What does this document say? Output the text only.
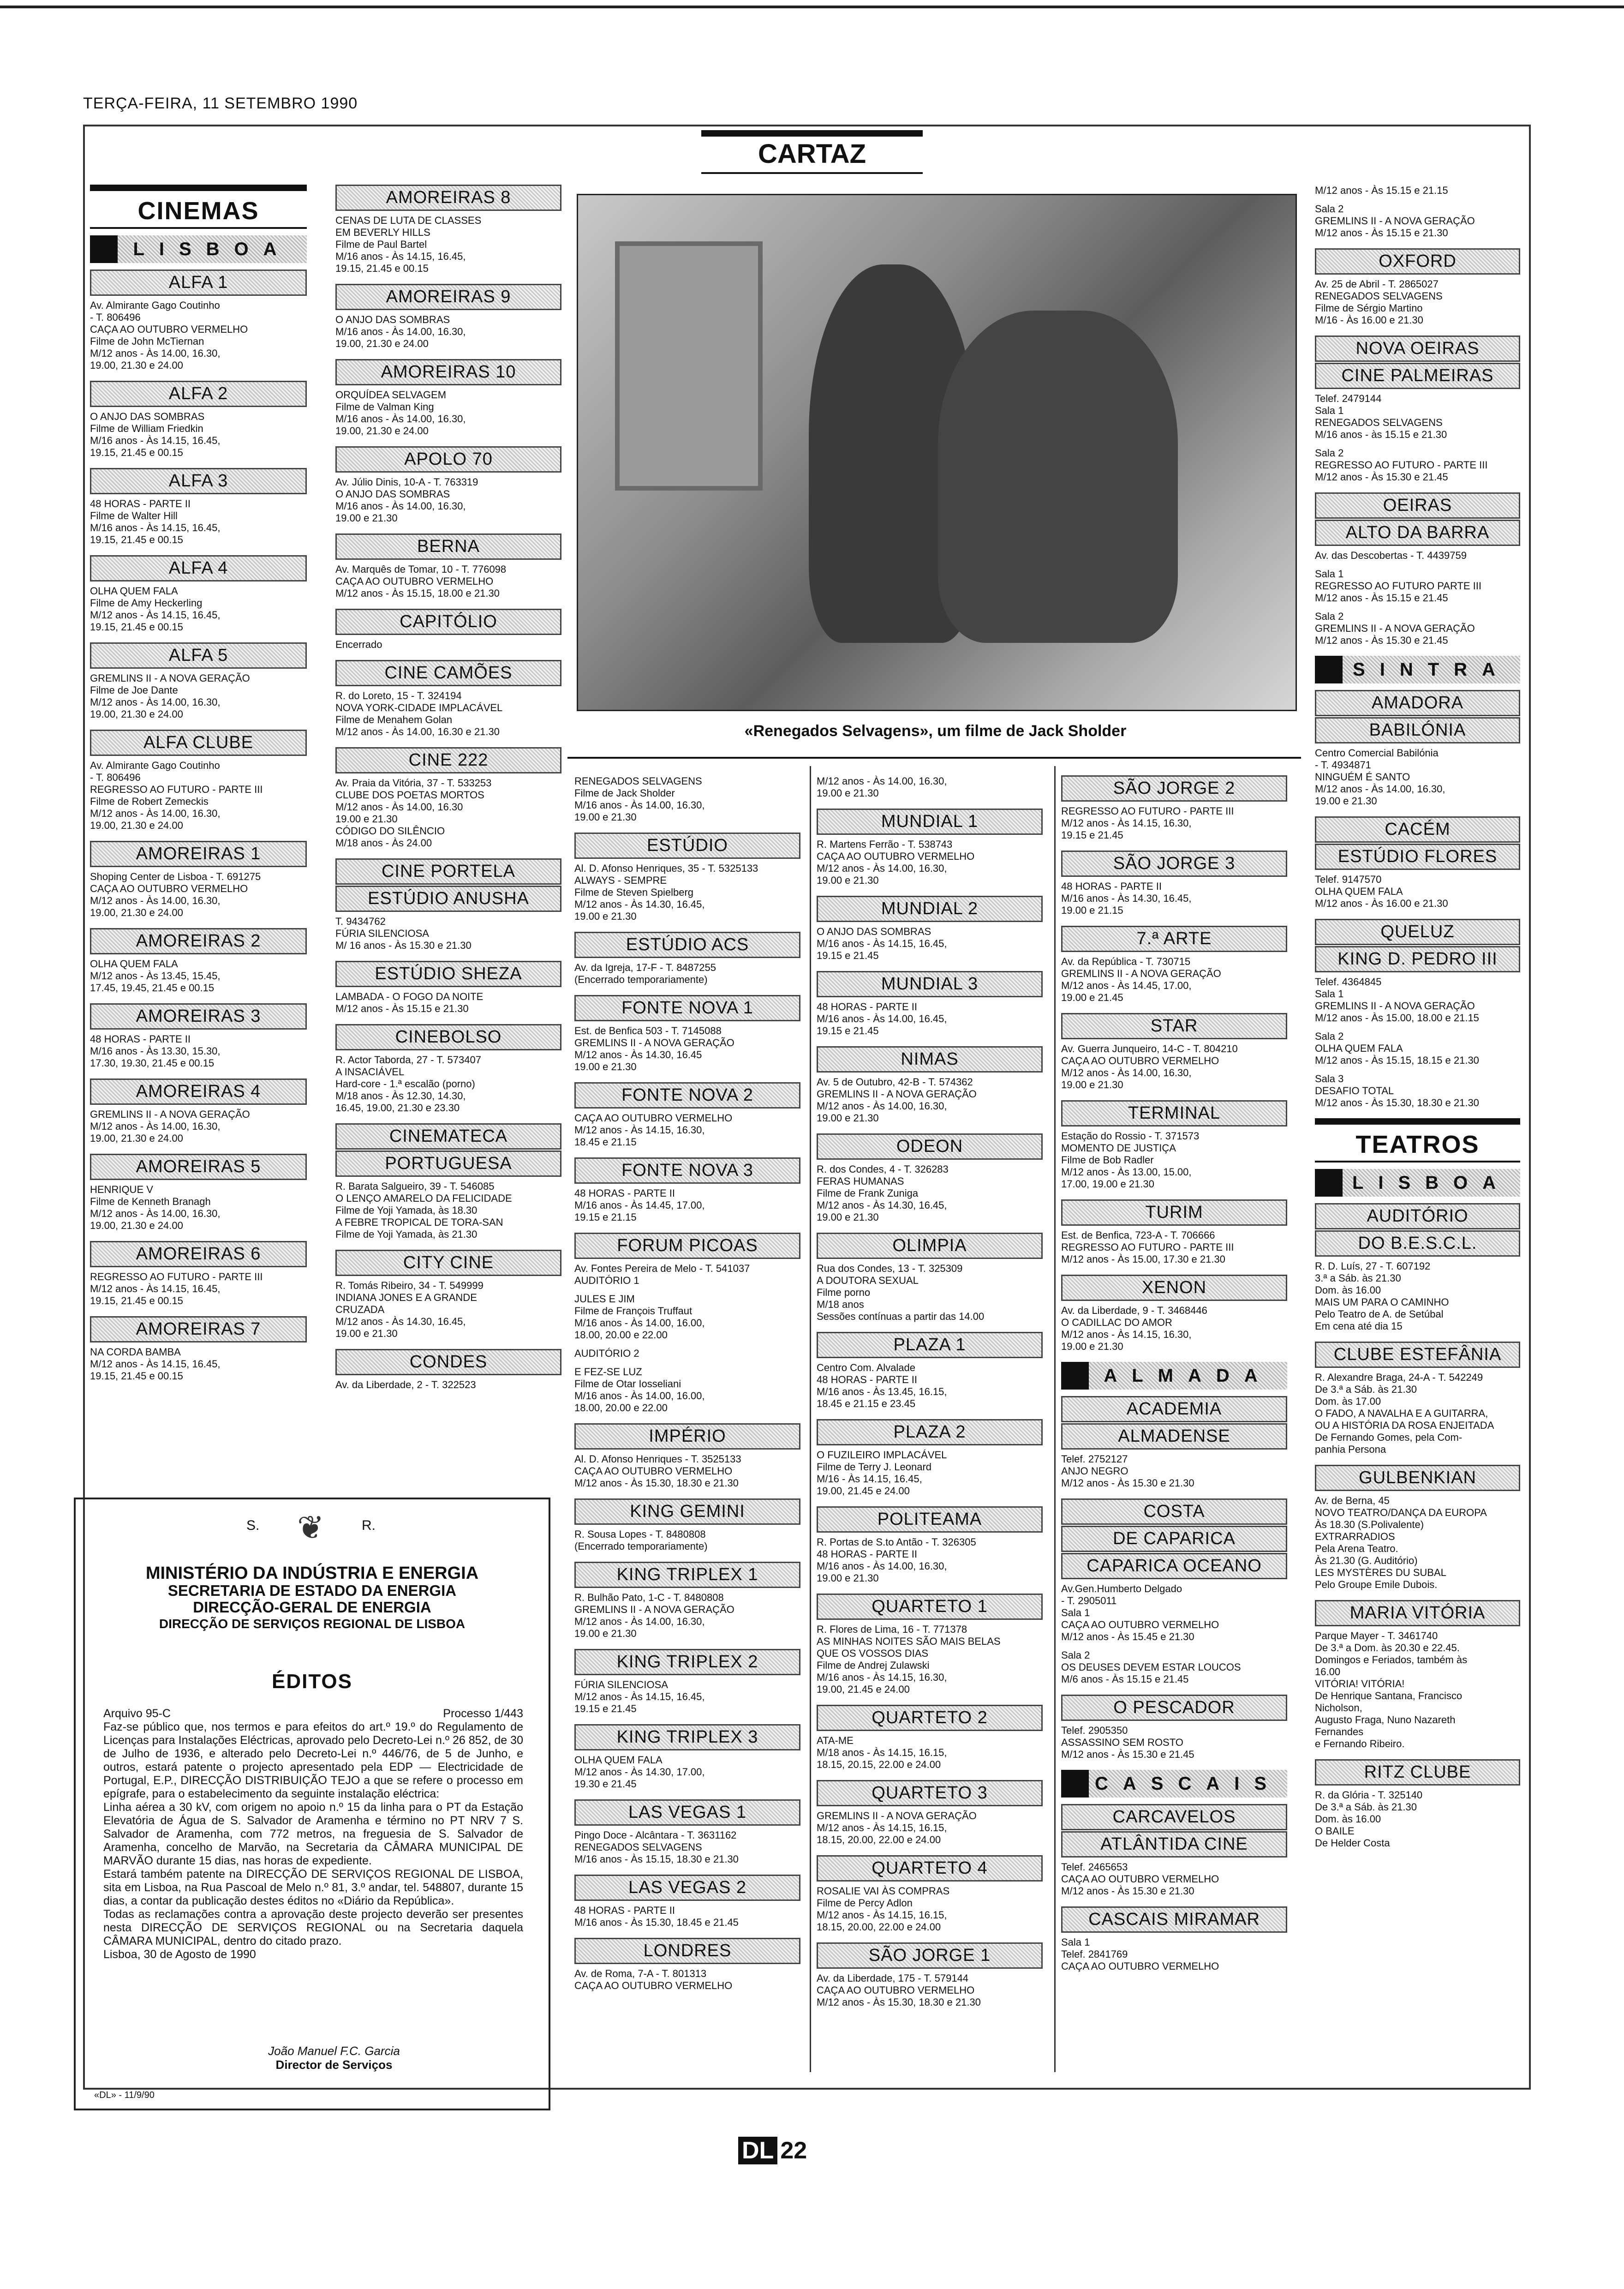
TERÇA-FEIRA, 11 SETEMBRO 1990
CARTAZ
CINEMAS
LISBOA
ALFA 1
Av. Almirante Gago Coutinho
- T. 806496
CAÇA AO OUTUBRO VERMELHO
Filme de John McTiernan
M/12 anos - Às 14.00, 16.30,
19.00, 21.30 e 24.00
ALFA 2
O ANJO DAS SOMBRAS
Filme de William Friedkin
M/16 anos - Às 14.15, 16.45,
19.15, 21.45 e 00.15
ALFA 3
48 HORAS - PARTE II
Filme de Walter Hill
M/16 anos - Às 14.15, 16.45,
19.15, 21.45 e 00.15
ALFA 4
OLHA QUEM FALA
Filme de Amy Heckerling
M/12 anos - Às 14.15, 16.45,
19.15, 21.45 e 00.15
ALFA 5
GREMLINS II - A NOVA GERAÇÃO
Filme de Joe Dante
M/12 anos - Às 14.00, 16.30,
19.00, 21.30 e 24.00
ALFA CLUBE
Av. Almirante Gago Coutinho
- T. 806496
REGRESSO AO FUTURO - PARTE III
Filme de Robert Zemeckis
M/12 anos - Às 14.00, 16.30,
19.00, 21.30 e 24.00
AMOREIRAS 1
Shoping Center de Lisboa - T. 691275
CAÇA AO OUTUBRO VERMELHO
M/12 anos - Às 14.00, 16.30,
19.00, 21.30 e 24.00
AMOREIRAS 2
OLHA QUEM FALA
M/12 anos - Às 13.45, 15.45,
17.45, 19.45, 21.45 e 00.15
AMOREIRAS 3
48 HORAS - PARTE II
M/16 anos - Às 13.30, 15.30,
17.30, 19.30, 21.45 e 00.15
AMOREIRAS 4
GREMLINS II - A NOVA GERAÇÃO
M/12 anos - Às 14.00, 16.30,
19.00, 21.30 e 24.00
AMOREIRAS 5
HENRIQUE V
Filme de Kenneth Branagh
M/12 anos - Às 14.00, 16.30,
19.00, 21.30 e 24.00
AMOREIRAS 6
REGRESSO AO FUTURO - PARTE III
M/12 anos - Às 14.15, 16.45,
19.15, 21.45 e 00.15
AMOREIRAS 7
NA CORDA BAMBA
M/12 anos - Às 14.15, 16.45,
19.15, 21.45 e 00.15
AMOREIRAS 8
CENAS DE LUTA DE CLASSES
EM BEVERLY HILLS
Filme de Paul Bartel
M/16 anos - Às 14.15, 16.45,
19.15, 21.45 e 00.15
AMOREIRAS 9
O ANJO DAS SOMBRAS
M/16 anos - Às 14.00, 16.30,
19.00, 21.30 e 24.00
AMOREIRAS 10
ORQUÍDEA SELVAGEM
Filme de Valman King
M/16 anos - Às 14.00, 16.30,
19.00, 21.30 e 24.00
APOLO 70
Av. Júlio Dinis, 10-A - T. 763319
O ANJO DAS SOMBRAS
M/16 anos - Às 14.00, 16.30,
19.00 e 21.30
BERNA
Av. Marquês de Tomar, 10 - T. 776098
CAÇA AO OUTUBRO VERMELHO
M/12 anos - Às 15.15, 18.00 e 21.30
CAPITÓLIO
Encerrado
CINE CAMÕES
R. do Loreto, 15 - T. 324194
NOVA YORK-CIDADE IMPLACÁVEL
Filme de Menahem Golan
M/12 anos - Às 14.00, 16.30 e 21.30
CINE 222
Av. Praia da Vitória, 37 - T. 533253
CLUBE DOS POETAS MORTOS
M/12 anos - Às 14.00, 16.30
19.00 e 21.30
CÓDIGO DO SILÊNCIO
M/18 anos - Às 24.00
CINE PORTELA
ESTÚDIO ANUSHA
T. 9434762
FÚRIA SILENCIOSA
M/ 16 anos - Às 15.30 e 21.30
ESTÚDIO SHEZA
LAMBADA - O FOGO DA NOITE
M/12 anos - Às 15.15 e 21.30
CINEBOLSO
R. Actor Taborda, 27 - T. 573407
A INSACIÁVEL
Hard-core - 1.ª escalão (porno)
M/18 anos - Às 12.30, 14.30,
16.45, 19.00, 21.30 e 23.30
CINEMATECA
PORTUGUESA
R. Barata Salgueiro, 39 - T. 546085
O LENÇO AMARELO DA FELICIDADE
Filme de Yoji Yamada, às 18.30
A FEBRE TROPICAL DE TORA-SAN
Filme de Yoji Yamada, às 21.30
CITY CINE
R. Tomás Ribeiro, 34 - T. 549999
INDIANA JONES E A GRANDE
CRUZADA
M/12 anos - Às 14.30, 16.45,
19.00 e 21.30
CONDES
Av. da Liberdade, 2 - T. 322523
«Renegados Selvagens», um filme de Jack Sholder
RENEGADOS SELVAGENS
Filme de Jack Sholder
M/16 anos - Às 14.00, 16.30,
19.00 e 21.30
ESTÚDIO
Al. D. Afonso Henriques, 35 - T. 5325133
ALWAYS - SEMPRE
Filme de Steven Spielberg
M/12 anos - Às 14.30, 16.45,
19.00 e 21.30
ESTÚDIO ACS
Av. da Igreja, 17-F - T. 8487255
(Encerrado temporariamente)
FONTE NOVA 1
Est. de Benfica 503 - T. 7145088
GREMLINS II - A NOVA GERAÇÃO
M/12 anos - Às 14.30, 16.45
19.00 e 21.30
FONTE NOVA 2
CAÇA AO OUTUBRO VERMELHO
M/12 anos - Às 14.15, 16.30,
18.45 e 21.15
FONTE NOVA 3
48 HORAS - PARTE II
M/16 anos - Às 14.45, 17.00,
19.15 e 21.15
FORUM PICOAS
Av. Fontes Pereira de Melo - T. 541037
AUDITÓRIO 1
JULES E JIM
Filme de François Truffaut
M/16 anos - Às 14.00, 16.00,
18.00, 20.00 e 22.00
AUDITÓRIO 2
E FEZ-SE LUZ
Filme de Otar Iosseliani
M/16 anos - Às 14.00, 16.00,
18.00, 20.00 e 22.00
IMPÉRIO
Al. D. Afonso Henriques - T. 3525133
CAÇA AO OUTUBRO VERMELHO
M/12 anos - Às 15.30, 18.30 e 21.30
KING GEMINI
R. Sousa Lopes - T. 8480808
(Encerrado temporariamente)
KING TRIPLEX 1
R. Bulhão Pato, 1-C - T. 8480808
GREMLINS II - A NOVA GERAÇÃO
M/12 anos - Às 14.00, 16.30,
19.00 e 21.30
KING TRIPLEX 2
FÚRIA SILENCIOSA
M/12 anos - Às 14.15, 16.45,
19.15 e 21.45
KING TRIPLEX 3
OLHA QUEM FALA
M/12 anos - Às 14.30, 17.00,
19.30 e 21.45
LAS VEGAS 1
Pingo Doce - Alcântara - T. 3631162
RENEGADOS SELVAGENS
M/16 anos - Às 15.15, 18.30 e 21.30
LAS VEGAS 2
48 HORAS - PARTE II
M/16 anos - Às 15.30, 18.45 e 21.45
LONDRES
Av. de Roma, 7-A - T. 801313
CAÇA AO OUTUBRO VERMELHO
M/12 anos - Às 14.00, 16.30,
19.00 e 21.30
MUNDIAL 1
R. Martens Ferrão - T. 538743
CAÇA AO OUTUBRO VERMELHO
M/12 anos - Às 14.00, 16.30,
19.00 e 21.30
MUNDIAL 2
O ANJO DAS SOMBRAS
M/16 anos - Às 14.15, 16.45,
19.15 e 21.45
MUNDIAL 3
48 HORAS - PARTE II
M/16 anos - Às 14.00, 16.45,
19.15 e 21.45
NIMAS
Av. 5 de Outubro, 42-B - T. 574362
GREMLINS II - A NOVA GERAÇÃO
M/12 anos - Às 14.00, 16.30,
19.00 e 21.30
ODEON
R. dos Condes, 4 - T. 326283
FERAS HUMANAS
Filme de Frank Zuniga
M/12 anos - Às 14.30, 16.45,
19.00 e 21.30
OLIMPIA
Rua dos Condes, 13 - T. 325309
A DOUTORA SEXUAL
Filme porno
M/18 anos
Sessões contínuas a partir das 14.00
PLAZA 1
Centro Com. Alvalade
48 HORAS - PARTE II
M/16 anos - Às 13.45, 16.15,
18.45 e 21.15 e 23.45
PLAZA 2
O FUZILEIRO IMPLACÁVEL
Filme de Terry J. Leonard
M/16 - Às 14.15, 16.45,
19.00, 21.45 e 24.00
POLITEAMA
R. Portas de S.to Antão - T. 326305
48 HORAS - PARTE II
M/16 anos - Às 14.00, 16.30,
19.00 e 21.30
QUARTETO 1
R. Flores de Lima, 16 - T. 771378
AS MINHAS NOITES SÃO MAIS BELAS
QUE OS VOSSOS DIAS
Filme de Andrej Zulawski
M/16 anos - Às 14.15, 16.30,
19.00, 21.45 e 24.00
QUARTETO 2
ATA-ME
M/18 anos - Às 14.15, 16.15,
18.15, 20.15, 22.00 e 24.00
QUARTETO 3
GREMLINS II - A NOVA GERAÇÃO
M/12 anos - Às 14.15, 16.15,
18.15, 20.00, 22.00 e 24.00
QUARTETO 4
ROSALIE VAI ÀS COMPRAS
Filme de Percy Adlon
M/12 anos - Às 14.15, 16.15,
18.15, 20.00, 22.00 e 24.00
SÃO JORGE 1
Av. da Liberdade, 175 - T. 579144
CAÇA AO OUTUBRO VERMELHO
M/12 anos - Às 15.30, 18.30 e 21.30
SÃO JORGE 2
REGRESSO AO FUTURO - PARTE III
M/12 anos - Às 14.15, 16.30,
19.15 e 21.45
SÃO JORGE 3
48 HORAS - PARTE II
M/16 anos - Às 14.30, 16.45,
19.00 e 21.15
7.ª ARTE
Av. da República - T. 730715
GREMLINS II - A NOVA GERAÇÃO
M/12 anos - Às 14.45, 17.00,
19.00 e 21.45
STAR
Av. Guerra Junqueiro, 14-C - T. 804210
CAÇA AO OUTUBRO VERMELHO
M/12 anos - Às 14.00, 16.30,
19.00 e 21.30
TERMINAL
Estação do Rossio - T. 371573
MOMENTO DE JUSTIÇA
Filme de Bob Radler
M/12 anos - Às 13.00, 15.00,
17.00, 19.00 e 21.30
TURIM
Est. de Benfica, 723-A - T. 706666
REGRESSO AO FUTURO - PARTE III
M/12 anos - Às 15.00, 17.30 e 21.30
XENON
Av. da Liberdade, 9 - T. 3468446
O CADILLAC DO AMOR
M/12 anos - Às 14.15, 16.30,
19.00 e 21.30
ALMADA
ACADEMIA
ALMADENSE
Telef. 2752127
ANJO NEGRO
M/12 anos - Às 15.30 e 21.30
COSTA
DE CAPARICA
CAPARICA OCEANO
Av.Gen.Humberto Delgado
- T. 2905011
Sala 1
CAÇA AO OUTUBRO VERMELHO
M/12 anos - Às 15.45 e 21.30
Sala 2
OS DEUSES DEVEM ESTAR LOUCOS
M/6 anos - Às 15.15 e 21.45
O PESCADOR
Telef. 2905350
ASSASSINO SEM ROSTO
M/12 anos - Às 15.30 e 21.45
CASCAIS
CARCAVELOS
ATLÂNTIDA CINE
Telef. 2465653
CAÇA AO OUTUBRO VERMELHO
M/12 anos - Às 15.30 e 21.30
CASCAIS MIRAMAR
Sala 1
Telef. 2841769
CAÇA AO OUTUBRO VERMELHO
M/12 anos - Às 15.15 e 21.15
Sala 2
GREMLINS II - A NOVA GERAÇÃO
M/12 anos - Às 15.15 e 21.30
OXFORD
Av. 25 de Abril - T. 2865027
RENEGADOS SELVAGENS
Filme de Sérgio Martino
M/16 - Às 16.00 e 21.30
NOVA OEIRAS
CINE PALMEIRAS
Telef. 2479144
Sala 1
RENEGADOS SELVAGENS
M/16 anos - às 15.15 e 21.30
Sala 2
REGRESSO AO FUTURO - PARTE III
M/12 anos - Às 15.30 e 21.45
OEIRAS
ALTO DA BARRA
Av. das Descobertas - T. 4439759
Sala 1
REGRESSO AO FUTURO PARTE III
M/12 anos - Às 15.15 e 21.45
Sala 2
GREMLINS II - A NOVA GERAÇÃO
M/12 anos - Às 15.30 e 21.45
SINTRA
AMADORA
BABILÓNIA
Centro Comercial Babilónia
- T. 4934871
NINGUÉM É SANTO
M/12 anos - Às 14.00, 16.30,
19.00 e 21.30
CACÉM
ESTÚDIO FLORES
Telef. 9147570
OLHA QUEM FALA
M/12 anos - Às 16.00 e 21.30
QUELUZ
KING D. PEDRO III
Telef. 4364845
Sala 1
GREMLINS II - A NOVA GERAÇÃO
M/12 anos - Às 15.00, 18.00 e 21.15
Sala 2
OLHA QUEM FALA
M/12 anos - Às 15.15, 18.15 e 21.30
Sala 3
DESAFIO TOTAL
M/12 anos - Às 15.30, 18.30 e 21.30
TEATROS
LISBOA
AUDITÓRIO
DO B.E.S.C.L.
R. D. Luís, 27 - T. 607192
3.ª a Sáb. às 21.30
Dom. às 16.00
MAIS UM PARA O CAMINHO
Pelo Teatro de A. de Setúbal
Em cena até dia 15
CLUBE ESTEFÂNIA
R. Alexandre Braga, 24-A - T. 542249
De 3.ª a Sáb. às 21.30
Dom. às 17.00
O FADO, A NAVALHA E A GUITARRA,
OU A HISTÓRIA DA ROSA ENJEITADA
De Fernando Gomes, pela Com-
panhia Persona
GULBENKIAN
Av. de Berna, 45
NOVO TEATRO/DANÇA DA EUROPA
Às 18.30 (S.Polivalente)
EXTRARRADIOS
Pela Arena Teatro.
Às 21.30 (G. Auditório)
LES MYSTÈRES DU SUBAL
Pelo Groupe Emile Dubois.
MARIA VITÓRIA
Parque Mayer - T. 3461740
De 3.ª a Dom. às 20.30 e 22.45.
Domingos e Feriados, também às
16.00
VITÓRIA! VITÓRIA!
De Henrique Santana, Francisco
Nicholson,
Augusto Fraga, Nuno Nazareth
Fernandes
e Fernando Ribeiro.
RITZ CLUBE
R. da Glória - T. 325140
De 3.ª a Sáb. às 21.30
Dom. às 16.00
O BAILE
De Helder Costa
S. ❦	R.
MINISTÉRIO DA INDÚSTRIA E ENERGIA
SECRETARIA DE ESTADO DA ENERGIA
DIRECÇÃO-GERAL DE ENERGIA
DIRECÇÃO DE SERVIÇOS REGIONAL DE LISBOA
ÉDITOS
Arquivo 95-C	Processo 1/443
Faz-se público que, nos termos e para efeitos do art.º 19.º do Regulamento de Licenças para Instalações Eléctricas, aprovado pelo Decreto-Lei n.º 26 852, de 30 de Julho de 1936, e alterado pelo Decreto-Lei n.º 446/76, de 5 de Junho, e outros, estará patente o projecto apresentado pela EDP — Electricidade de Portugal, E.P., DIRECÇÃO DISTRIBUIÇÃO TEJO a que se refere o processo em epígrafe, para o estabelecimento da seguinte instalação eléctrica:
Linha aérea a 30 kV, com origem no apoio n.º 15 da linha para o PT da Estação Elevatória de Água de S. Salvador de Aramenha e término no PT NRV 7 S. Salvador de Aramenha, com 772 metros, na freguesia de S. Salvador de Aramenha, concelho de Marvão, na Secretaria da CÂMARA MUNICIPAL DE MARVÃO durante 15 dias, nas horas de expediente.
Estará também patente na DIRECÇÃO DE SERVIÇOS REGIONAL DE LISBOA, sita em Lisboa, na Rua Pascoal de Melo n.º 81, 3.º andar, tel. 548807, durante 15 dias, a contar da publicação destes éditos no «Diário da República».
Todas as reclamações contra a aprovação deste projecto deverão ser presentes nesta DIRECÇÃO DE SERVIÇOS REGIONAL ou na Secretaria daquela CÂMARA MUNICIPAL, dentro do citado prazo.
Lisboa, 30 de Agosto de 1990
João Manuel F.C. Garcia
Director de Serviços
«DL» - 11/9/90
DL 22
